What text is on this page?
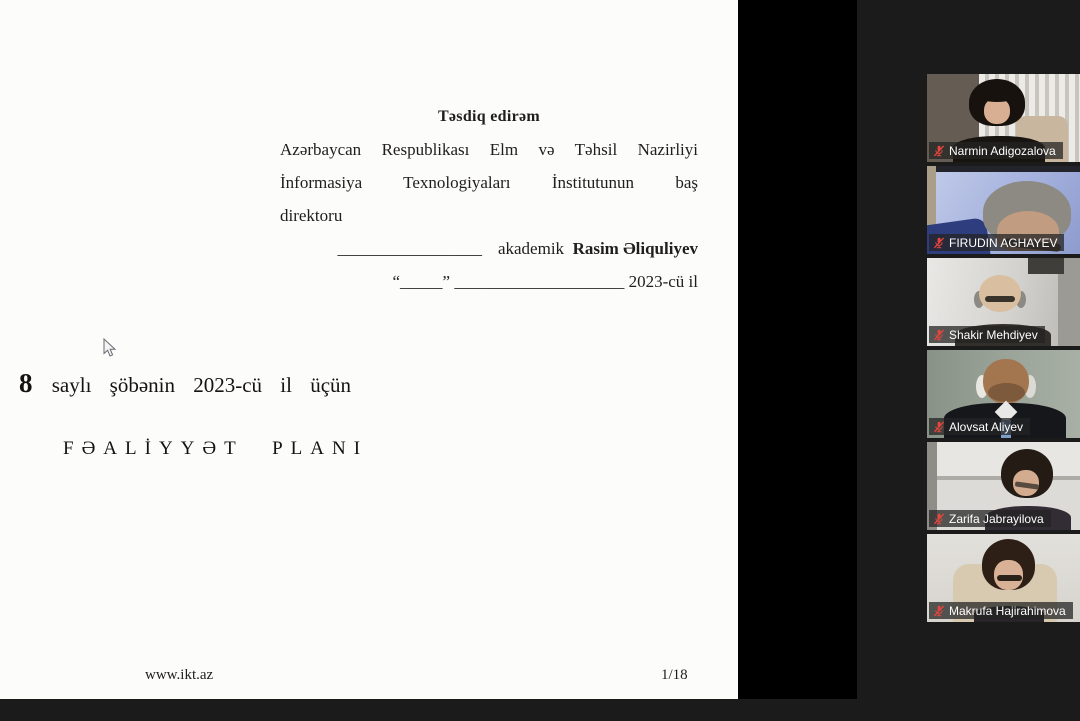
Təsdiq edirəm
Azərbaycan Respublikası Elm və Təhsil Nazirliyi
İnformasiya Texnologiyaları İnstitutunun baş
direktoru
_________________ akademik Rasim Əliquliyev
“_____” ____________________ 2023-cü il
8 saylı şöbənin 2023-cü il üçün
FƏALİYYƏT PLANI
www.ikt.az	1/18
Narmin Adigozalova
FIRUDIN AGHAYEV
Shakir Mehdiyev
Alovsat Aliyev
Zarifa Jabrayilova
Makrufa Hajirahimova
